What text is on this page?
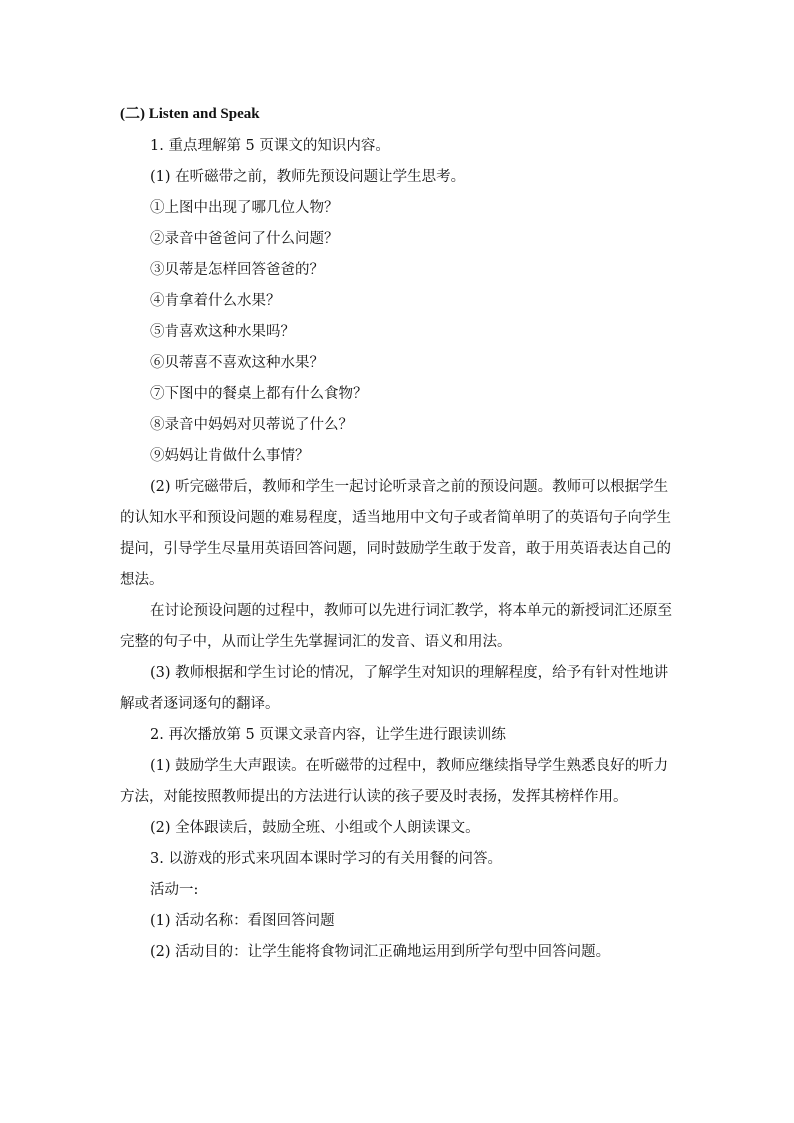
(二) Listen and Speak
1. 重点理解第 5 页课文的知识内容。
(1) 在听磁带之前，教师先预设问题让学生思考。
①上图中出现了哪几位人物？
②录音中爸爸问了什么问题？
③贝蒂是怎样回答爸爸的？
④肯拿着什么水果？
⑤肯喜欢这种水果吗？
⑥贝蒂喜不喜欢这种水果？
⑦下图中的餐桌上都有什么食物？
⑧录音中妈妈对贝蒂说了什么？
⑨妈妈让肯做什么事情？
(2) 听完磁带后，教师和学生一起讨论听录音之前的预设问题。教师可以根据学生的认知水平和预设问题的难易程度，适当地用中文句子或者简单明了的英语句子向学生提问，引导学生尽量用英语回答问题，同时鼓励学生敢于发音，敢于用英语表达自己的想法。
在讨论预设问题的过程中，教师可以先进行词汇教学，将本单元的新授词汇还原至完整的句子中，从而让学生先掌握词汇的发音、语义和用法。
(3) 教师根据和学生讨论的情况，了解学生对知识的理解程度，给予有针对性地讲解或者逐词逐句的翻译。
2. 再次播放第 5 页课文录音内容，让学生进行跟读训练
(1) 鼓励学生大声跟读。在听磁带的过程中，教师应继续指导学生熟悉良好的听力方法，对能按照教师提出的方法进行认读的孩子要及时表扬，发挥其榜样作用。
(2) 全体跟读后，鼓励全班、小组或个人朗读课文。
3. 以游戏的形式来巩固本课时学习的有关用餐的问答。
活动一:
(1) 活动名称：看图回答问题
(2) 活动目的：让学生能将食物词汇正确地运用到所学句型中回答问题。
